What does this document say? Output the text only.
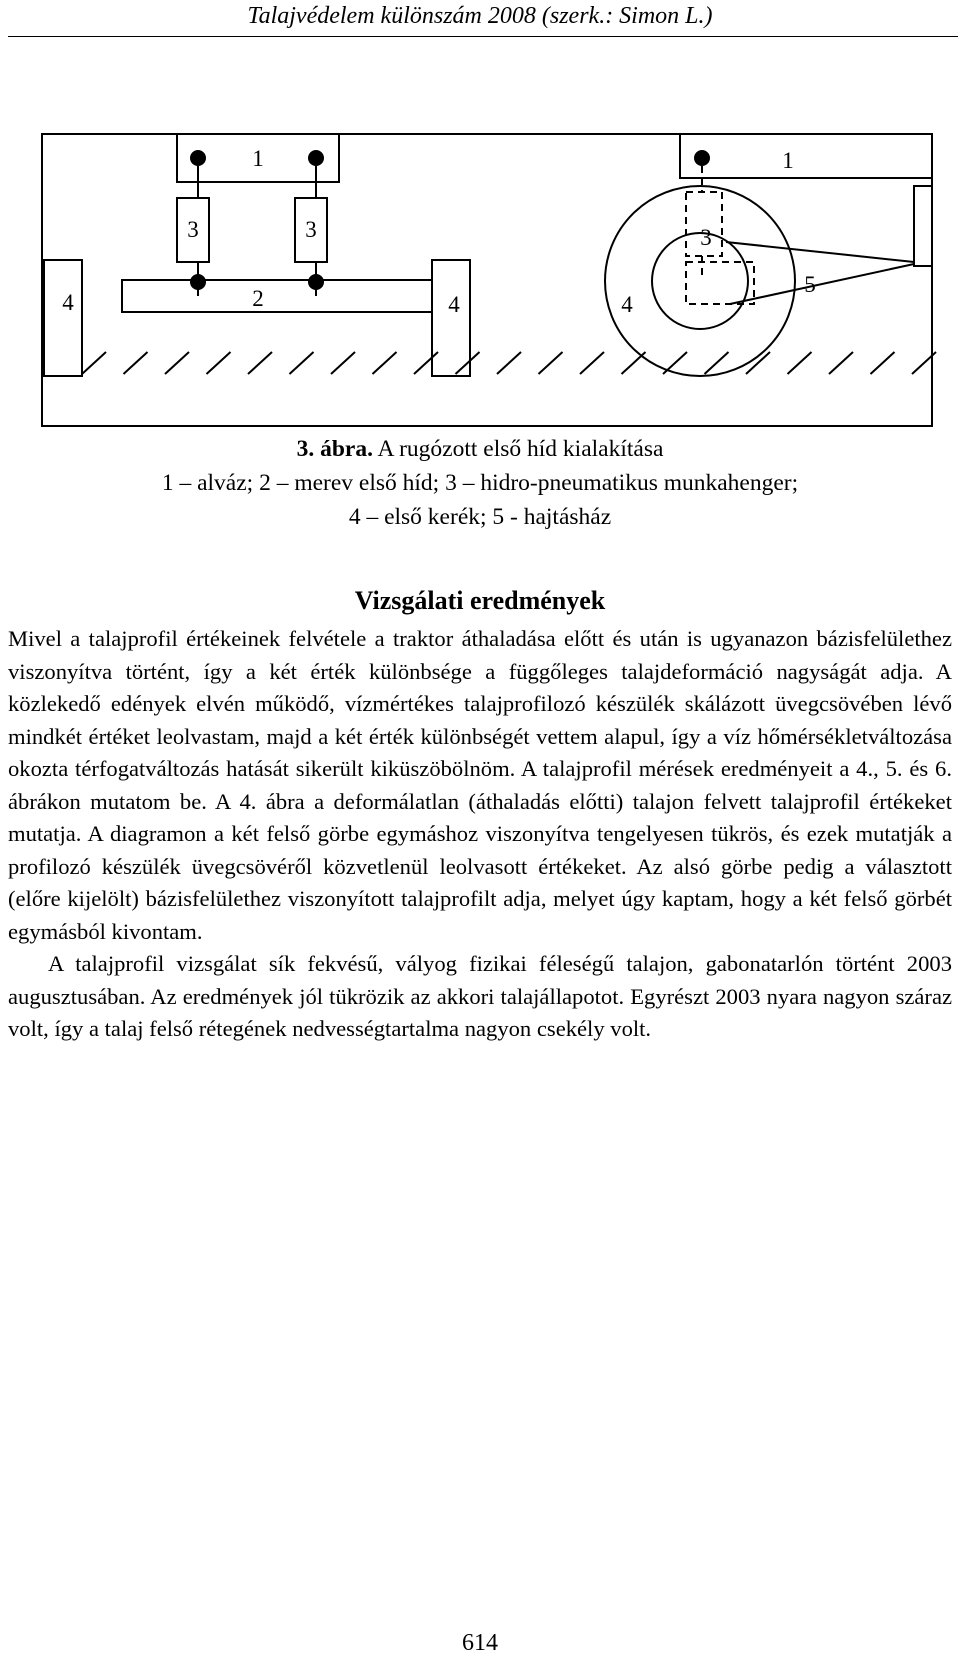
Talajvédelem különszám 2008 (szerk.: Simon L.)
1	1
3	3	3
2
4	4	4
5
3. ábra. A rugózott első híd kialakítása
1 – alváz; 2 – merev első híd; 3 – hidro-pneumatikus munkahenger;
4 – első kerék; 5 - hajtásház
Vizsgálati eredmények

Mivel a talajprofil értékeinek felvétele a traktor áthaladása előtt és után is ugyanazon bázisfelülethez viszonyítva történt, így a két érték különbsége a függőleges talajdeformáció nagyságát adja. A közlekedő edények elvén működő, vízmértékes talajprofilozó készülék skálázott üvegcsövében lévő mindkét értéket leolvastam, majd a két érték különbségét vettem alapul, így a víz hőmérsékletváltozása okozta térfogatváltozás hatását sikerült kiküszöbölnöm. A talajprofil mérések eredményeit a 4., 5. és 6. ábrákon mutatom be. A 4. ábra a deformálatlan (áthaladás előtti) talajon felvett talajprofil értékeket mutatja. A diagramon a két felső görbe egymáshoz viszonyítva tengelyesen tükrös, és ezek mutatják a profilozó készülék üvegcsövéről közvetlenül leolvasott értékeket. Az alsó görbe pedig a választott (előre kijelölt) bázisfelülethez viszonyított talajprofilt adja, melyet úgy kaptam, hogy a két felső görbét egymásból kivontam.

A talajprofil vizsgálat sík fekvésű, vályog fizikai féleségű talajon, gabonatarlón történt 2003 augusztusában. Az eredmények jól tükrözik az akkori talajállapotot. Egyrészt 2003 nyara nagyon száraz volt, így a talaj felső rétegének nedvességtartalma nagyon csekély volt.

614
